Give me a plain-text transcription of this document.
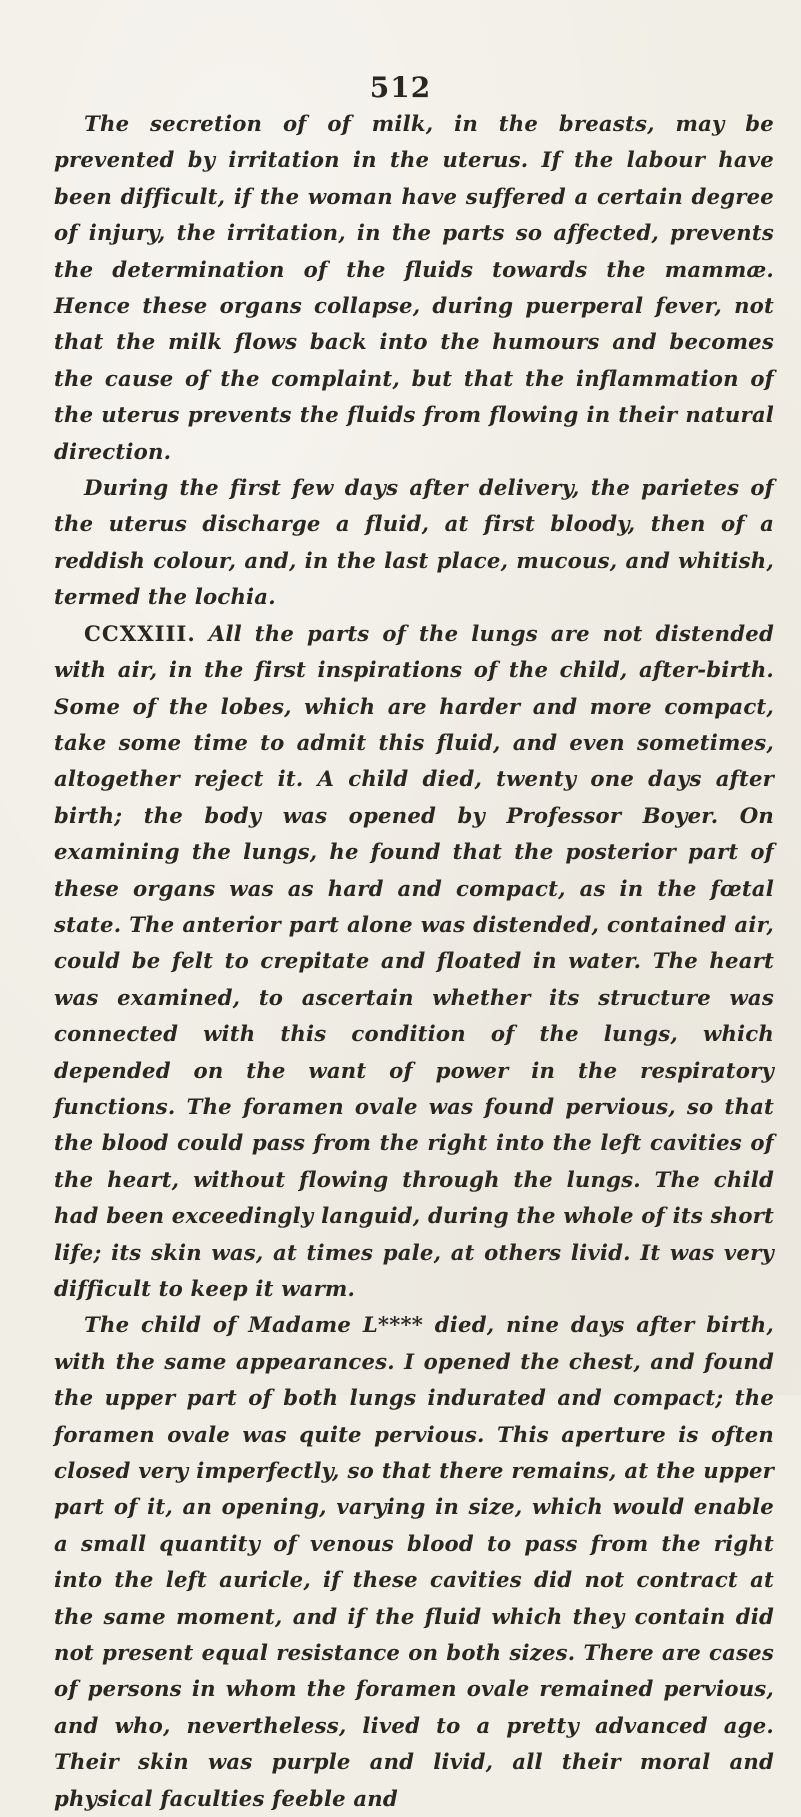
512

The secretion of of milk, in the breasts, may be prevented by irritation in the uterus. If the labour have been difficult, if the woman have suffered a certain degree of injury, the irritation, in the parts so affected, prevents the determination of the fluids towards the mammæ. Hence these organs collapse, during puerperal fever, not that the milk flows back into the humours and becomes the cause of the complaint, but that the inflammation of the uterus prevents the fluids from flowing in their natural direction.

During the first few days after delivery, the parietes of the uterus discharge a fluid, at first bloody, then of a reddish colour, and, in the last place, mucous, and whitish, termed the lochia.

CCXXIII. All the parts of the lungs are not distended with air, in the first inspirations of the child, after-birth. Some of the lobes, which are harder and more compact, take some time to admit this fluid, and even sometimes, altogether reject it. A child died, twenty one days after birth; the body was opened by Professor Boyer. On examining the lungs, he found that the posterior part of these organs was as hard and compact, as in the fœtal state. The anterior part alone was distended, contained air, could be felt to crepitate and floated in water. The heart was examined, to ascertain whether its structure was connected with this condition of the lungs, which depended on the want of power in the respiratory functions. The foramen ovale was found pervious, so that the blood could pass from the right into the left cavities of the heart, without flowing through the lungs. The child had been exceedingly languid, during the whole of its short life; its skin was, at times pale, at others livid. It was very difficult to keep it warm.

The child of Madame L**** died, nine days after birth, with the same appearances. I opened the chest, and found the upper part of both lungs indurated and compact; the foramen ovale was quite pervious. This aperture is often closed very imperfectly, so that there remains, at the upper part of it, an opening, varying in size, which would enable a small quantity of venous blood to pass from the right into the left auricle, if these cavities did not contract at the same moment, and if the fluid which they contain did not present equal resistance on both sizes. There are cases of persons in whom the foramen ovale remained pervious, and who, nevertheless, lived to a pretty advanced age. Their skin was purple and livid, all their moral and physical faculties feeble and
